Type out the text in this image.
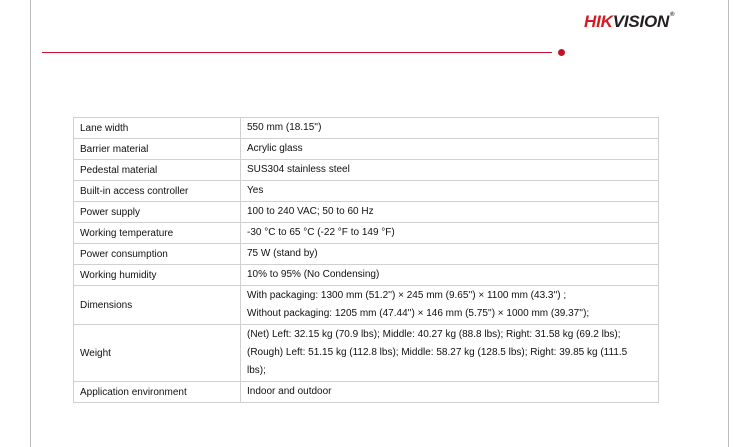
HIKVISION®
Lane width	550 mm (18.15'')

Barrier material	Acrylic glass

Pedestal material	SUS304 stainless steel

Built-in access controller	Yes

Power supply	100 to 240 VAC; 50 to 60 Hz

Working temperature	-30 °C to 65 °C (-22 °F to 149 °F)

Power consumption	75 W (stand by)

Working humidity	10% to 95% (No Condensing)

Dimensions	With packaging: 1300 mm (51.2'') × 245 mm (9.65'') × 1100 mm (43.3'') ;
Without packaging: 1205 mm (47.44'') × 146 mm (5.75'') × 1000 mm (39.37'');

Weight	(Net) Left: 32.15 kg (70.9 lbs); Middle: 40.27 kg (88.8 lbs); Right: 31.58 kg (69.2 lbs);
(Rough) Left: 51.15 kg (112.8 lbs); Middle: 58.27 kg (128.5 lbs); Right: 39.85 kg (111.5
lbs);

Application environment	Indoor and outdoor
